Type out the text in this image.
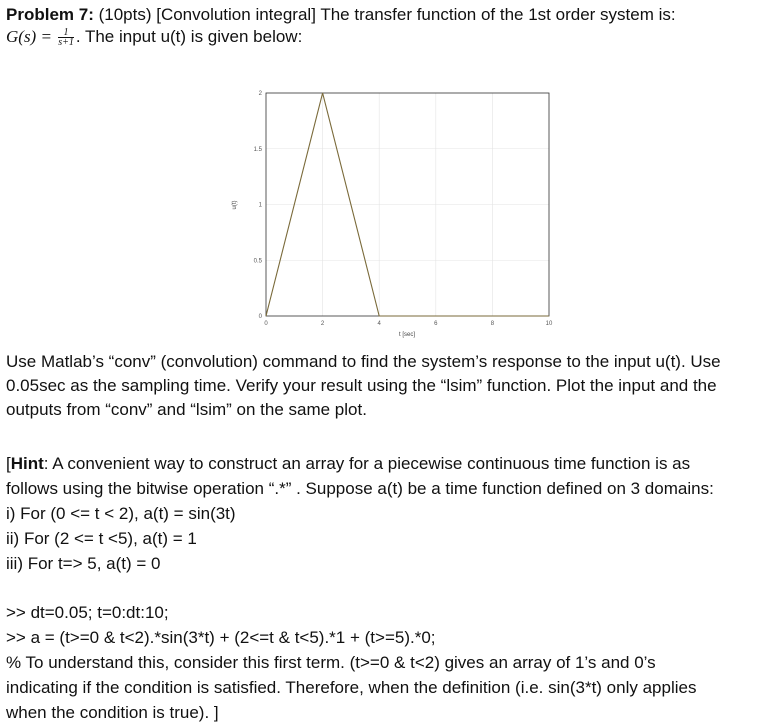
Problem 7: (10pts) [Convolution integral] The transfer function of the 1st order system is:
$G(s) = \frac{1}{s+1}$ . The input u(t) is given below:
0	2	4	6	8	10
0
0.5
1
1.5
2
t [sec]
u(t)
Use Matlab’s “conv” (convolution) command to find the system’s response to the input u(t). Use
0.05sec as the sampling time. Verify your result using the “lsim” function. Plot the input and the
outputs from “conv” and “lsim” on the same plot.
[Hint: A convenient way to construct an array for a piecewise continuous time function is as
follows using the bitwise operation “.*” . Suppose a(t) be a time function defined on 3 domains:
i) For (0 <= t < 2), a(t) = sin(3t)
ii) For (2 <= t <5), a(t) = 1
iii) For t=> 5, a(t) = 0
>> dt=0.05; t=0:dt:10;
>> a = (t>=0 & t<2).*sin(3*t) + (2<=t & t<5).*1 + (t>=5).*0;
% To understand this, consider this first term. (t>=0 & t<2) gives an array of 1’s and 0’s
indicating if the condition is satisfied. Therefore, when the definition (i.e. sin(3*t) only applies
when the condition is true). ]
